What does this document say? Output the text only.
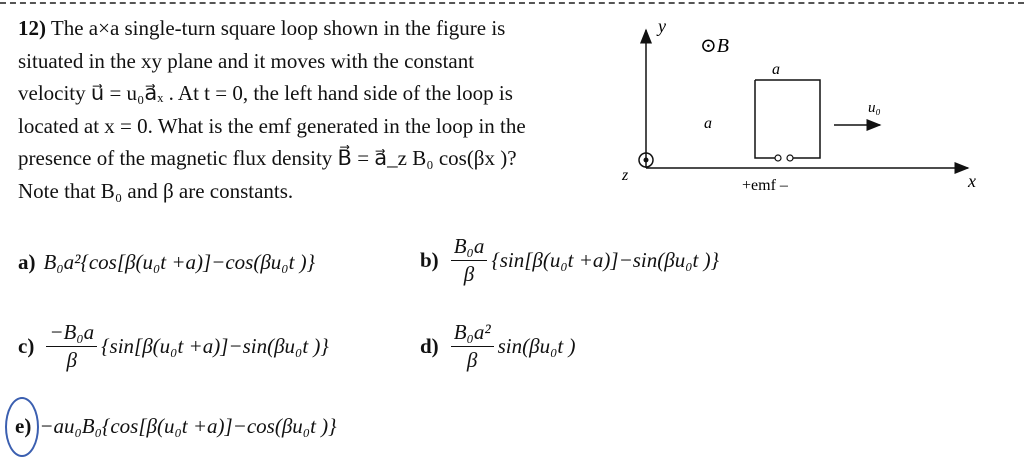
12) The a×a single-turn square loop shown in the figure is
situated in the xy plane and it moves with the constant
velocity u⃗ = u₀a⃗ₓ . At t = 0, the left hand side of the loop is
located at x = 0. What is the emf generated in the loop in the
presence of the magnetic flux density B⃗ = a⃗_z B₀ cos(βx )?
Note that B₀ and β are constants.
y
x
z
⊙B⃗
a
a
+emf –
u₀
a) B₀a²{cos[β(u₀t +a)]−cos(βu₀t )}	$b) \frac{\text{B₀a}}{\beta} \{\sin[\beta(u_0t +a)]-\sin(\beta u_0t$ )}
$c) \frac{\text{−B₀a}}{\beta} \{\sin[\beta(u_0t +a)]-\sin(\beta u_0t$ )}	$d) \frac{\text{B₀a²}}{\beta} \sin(\beta u_0t$ )
e) −au₀B₀{cos[β(u₀t +a)]−cos(βu₀t )}
